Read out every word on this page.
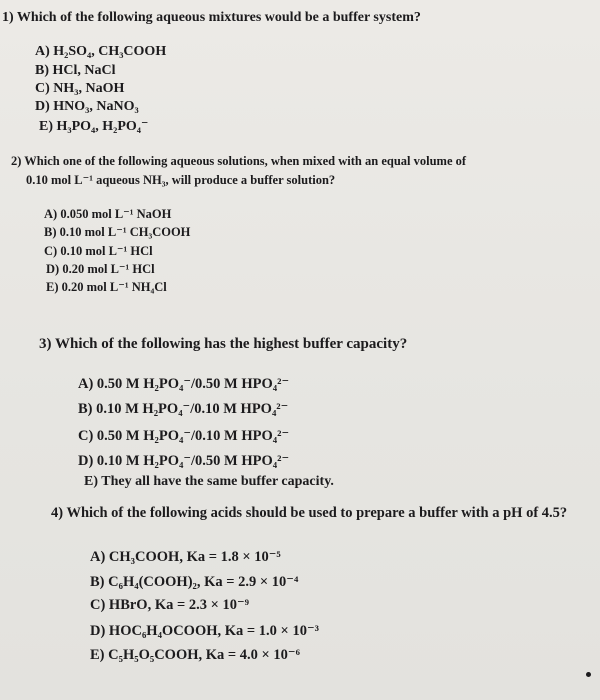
1) Which of the following aqueous mixtures would be a buffer system?
A) H₂SO₄, CH₃COOH
B) HCl, NaCl
C) NH₃, NaOH
D) HNO₃, NaNO₃
E) H₃PO₄, H₂PO₄⁻
2) Which one of the following aqueous solutions, when mixed with an equal volume of
0.10 mol L⁻¹ aqueous NH₃, will produce a buffer solution?
A) 0.050 mol L⁻¹ NaOH
B) 0.10 mol L⁻¹ CH₃COOH
C) 0.10 mol L⁻¹ HCl
D) 0.20 mol L⁻¹ HCl
E) 0.20 mol L⁻¹ NH₄Cl
3) Which of the following has the highest buffer capacity?
A) 0.50 M H₂PO₄⁻/0.50 M HPO₄²⁻
B) 0.10 M H₂PO₄⁻/0.10 M HPO₄²⁻
C) 0.50 M H₂PO₄⁻/0.10 M HPO₄²⁻
D) 0.10 M H₂PO₄⁻/0.50 M HPO₄²⁻
E) They all have the same buffer capacity.
4) Which of the following acids should be used to prepare a buffer with a pH of 4.5?
A) CH₃COOH, Ka = 1.8 × 10⁻⁵
B) C₆H₄(COOH)₂, Ka = 2.9 × 10⁻⁴
C) HBrO, Ka = 2.3 × 10⁻⁹
D) HOC₆H₄OCOOH, Ka = 1.0 × 10⁻³
E) C₅H₅O₅COOH, Ka = 4.0 × 10⁻⁶
